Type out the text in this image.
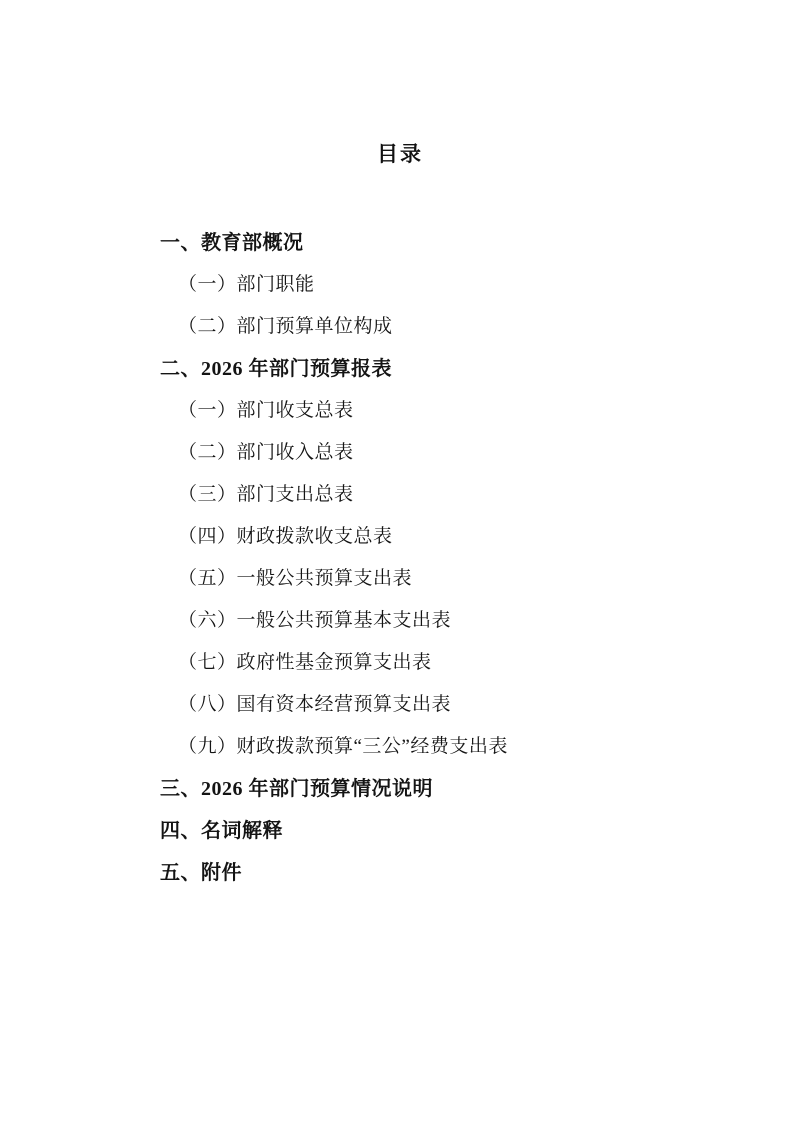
目录
一、教育部概况
（一）部门职能
（二）部门预算单位构成
二、2026 年部门预算报表
（一）部门收支总表
（二）部门收入总表
（三）部门支出总表
（四）财政拨款收支总表
（五）一般公共预算支出表
（六）一般公共预算基本支出表
（七）政府性基金预算支出表
（八）国有资本经营预算支出表
（九）财政拨款预算“三公”经费支出表
三、2026 年部门预算情况说明
四、名词解释
五、附件
